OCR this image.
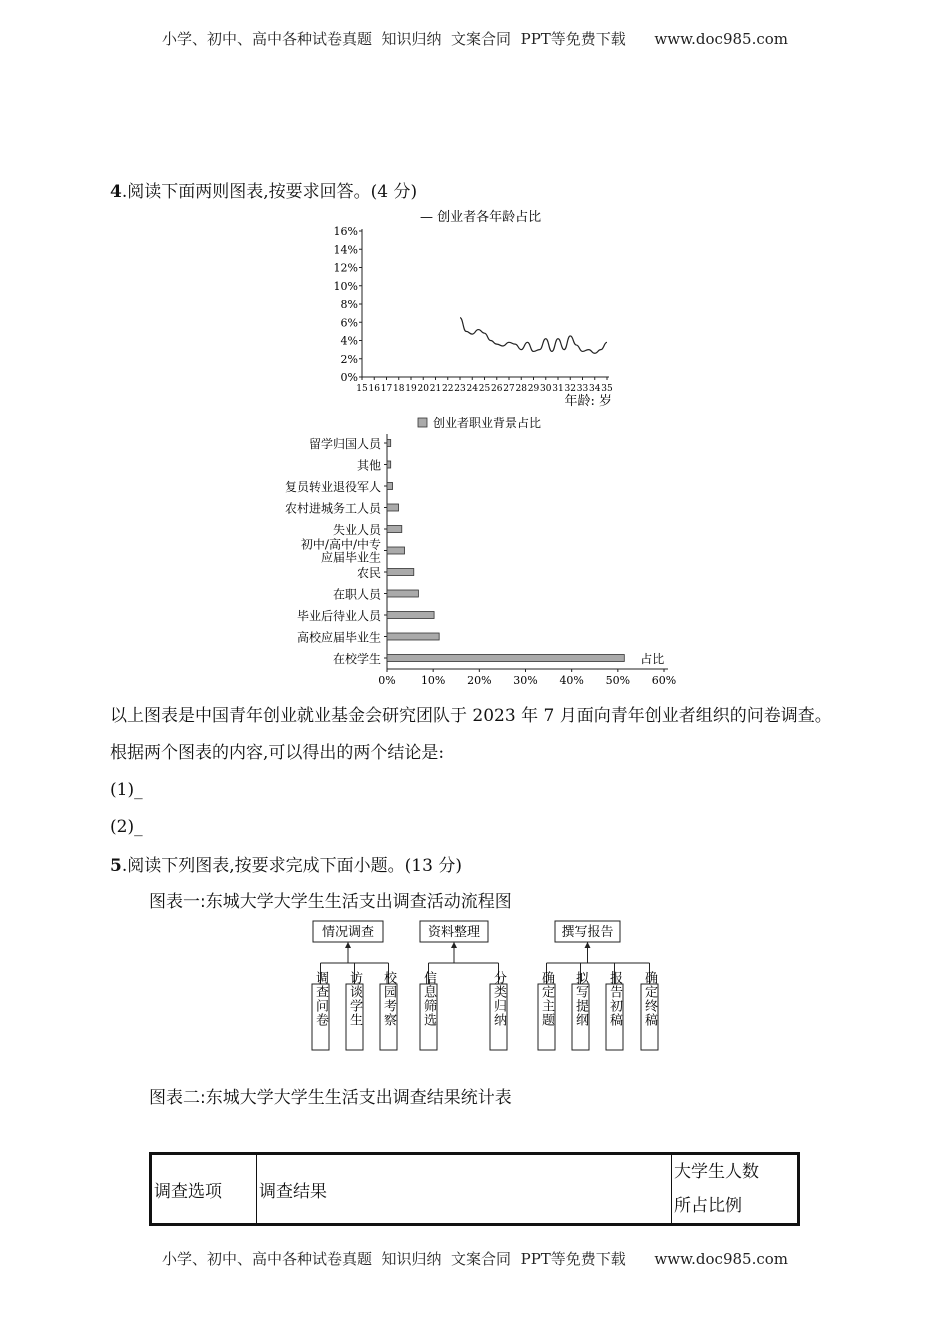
小学、初中、高中各种试卷真题  知识归纳  文案合同  PPT等免费下载 www.doc985.com
4.阅读下面两则图表,按要求回答。(4 分)
— 创业者各年龄占比
0%
2%
4%
6%
8%
10%
12%
14%
16%
15 16 17 18 19 20 21 22 23 24 25 26 27 28 29 30 31 32 33 34 35
年龄: 岁
创业者职业背景占比
留学归国人员
其他
复员转业退役军人
农村进城务工人员
失业人员
初中/高中/中专
应届毕业生
农民
在职人员
毕业后待业人员
高校应届毕业生
在校学生
0% 10% 20% 30% 40% 50% 60%
占比
以上图表是中国青年创业就业基金会研究团队于 2023 年 7 月面向青年创业者组织的问卷调查。根据两个图表的内容,可以得出的两个结论是:
(1)_
(2)_
5.阅读下列图表,按要求完成下面小题。(13 分)
图表一:东城大学大学生生活支出调查活动流程图
情况调查
调查问卷 访谈学生 校园考察
资料整理
信息筛选	分类归纳
撰写报告
确定主题 拟写提纲 报告初稿 确定终稿
图表二:东城大学大学生生活支出调查结果统计表
调查选项	调查结果	大学生人数
所占比例
小学、初中、高中各种试卷真题  知识归纳  文案合同  PPT等免费下载 www.doc985.com
